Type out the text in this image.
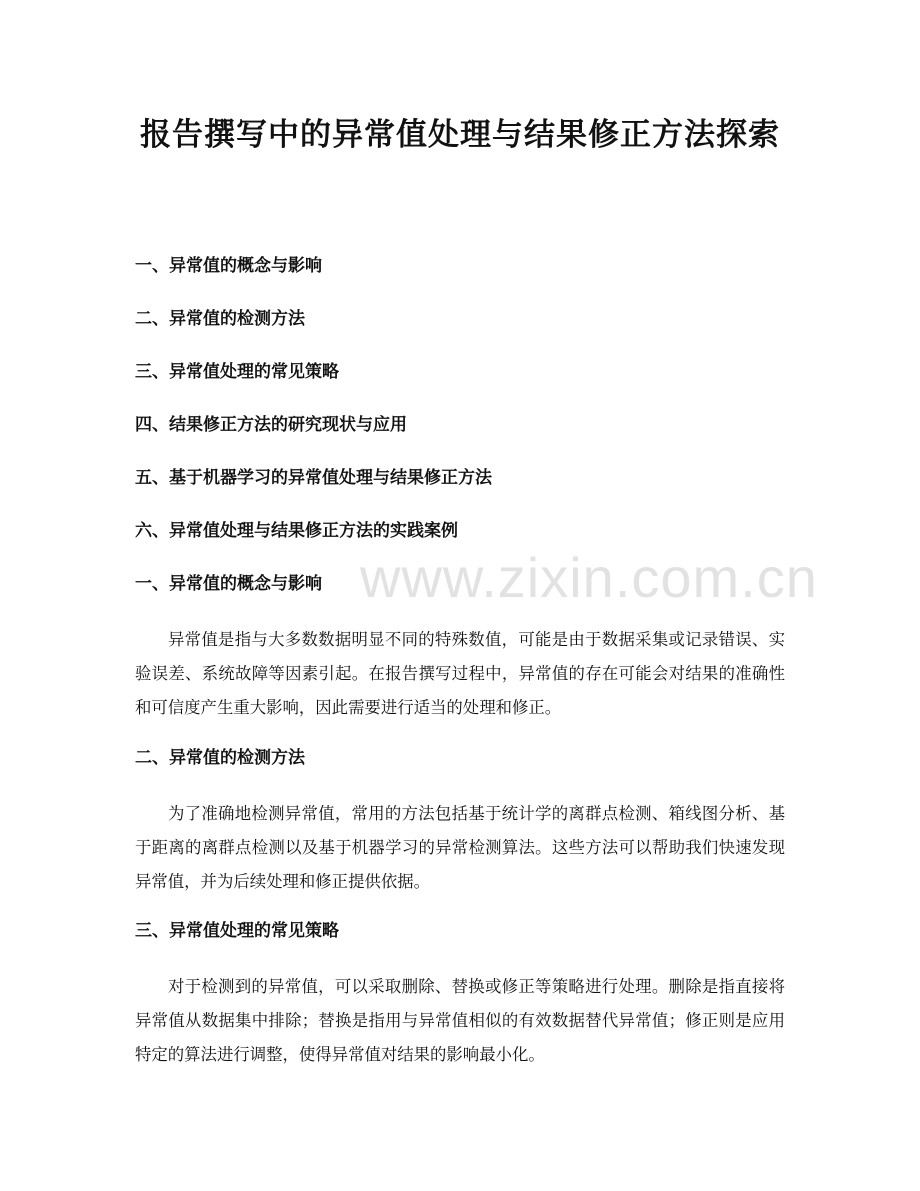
报告撰写中的异常值处理与结果修正方法探索
一、异常值的概念与影响
二、异常值的检测方法
三、异常值处理的常见策略
四、结果修正方法的研究现状与应用
五、基于机器学习的异常值处理与结果修正方法
六、异常值处理与结果修正方法的实践案例
一、异常值的概念与影响
异常值是指与大多数数据明显不同的特殊数值，可能是由于数据采集或记录错误、实验误差、系统故障等因素引起。在报告撰写过程中，异常值的存在可能会对结果的准确性和可信度产生重大影响，因此需要进行适当的处理和修正。
二、异常值的检测方法
为了准确地检测异常值，常用的方法包括基于统计学的离群点检测、箱线图分析、基于距离的离群点检测以及基于机器学习的异常检测算法。这些方法可以帮助我们快速发现异常值，并为后续处理和修正提供依据。
三、异常值处理的常见策略
对于检测到的异常值，可以采取删除、替换或修正等策略进行处理。删除是指直接将异常值从数据集中排除；替换是指用与异常值相似的有效数据替代异常值；修正则是应用特定的算法进行调整，使得异常值对结果的影响最小化。
www.zixin.com.cn
